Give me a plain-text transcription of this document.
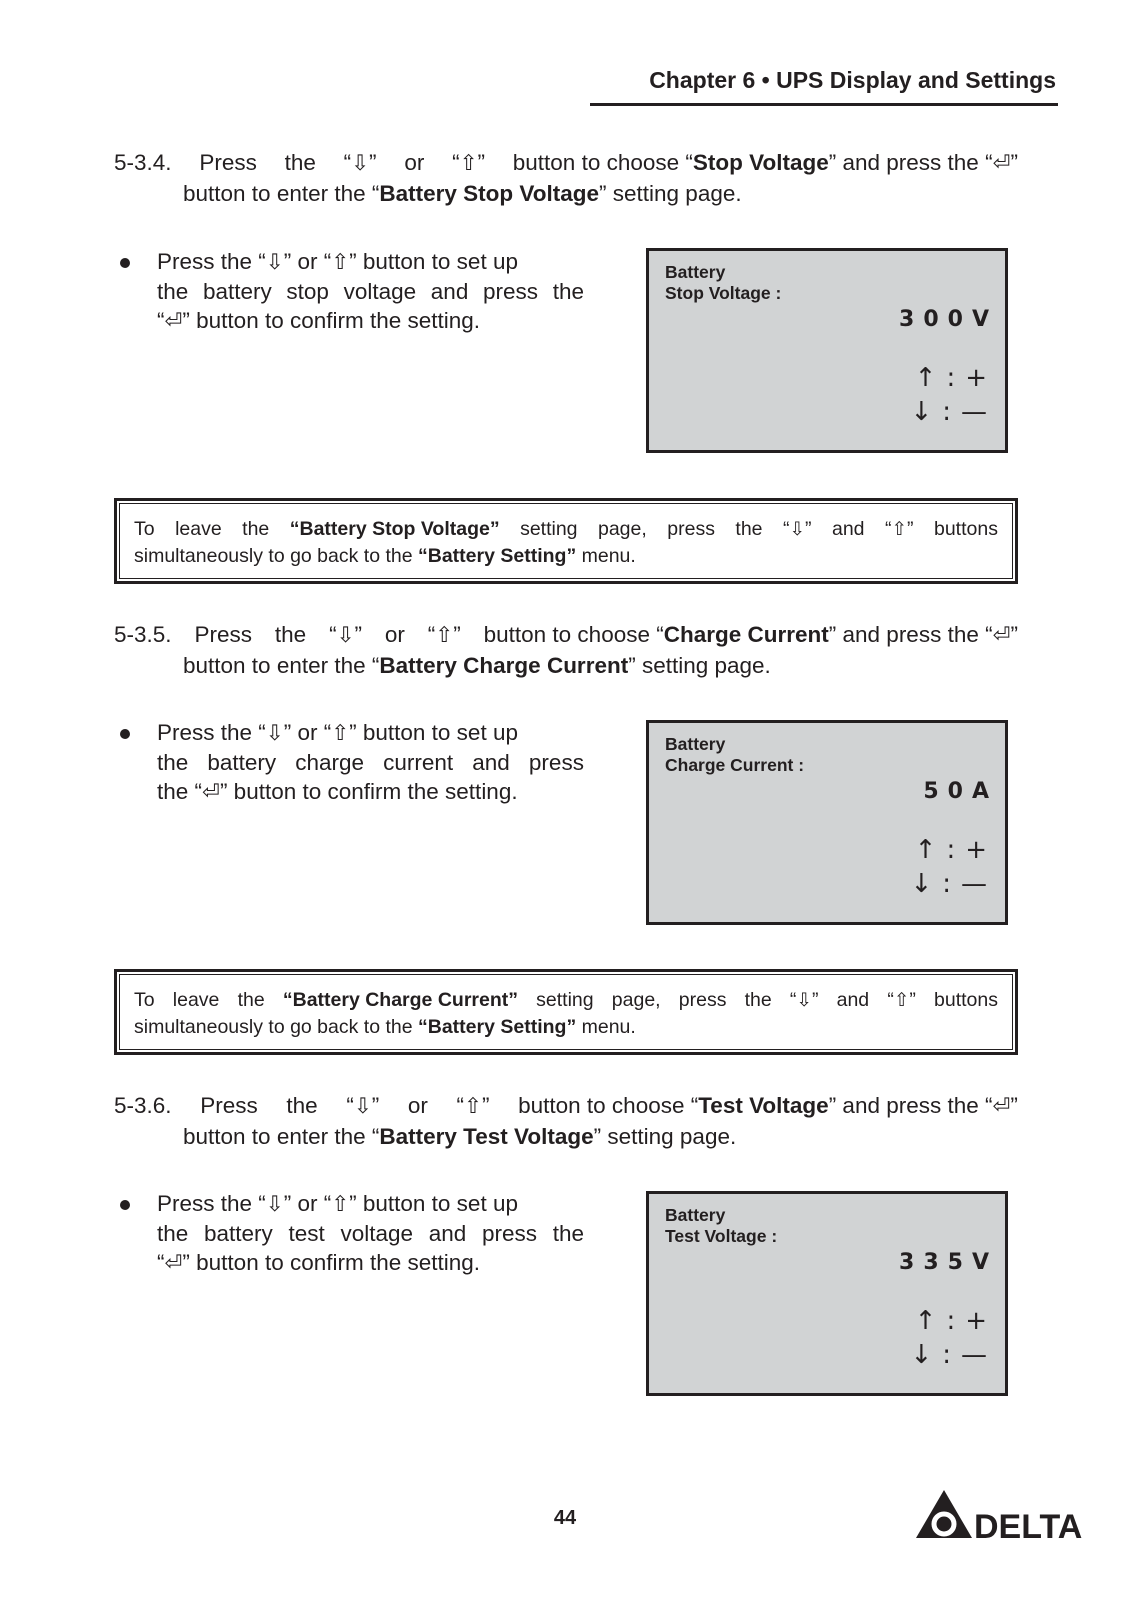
Chapter 6 • UPS Display and Settings
5-3.4. Press the “⇩” or “⇧” button to choose “Stop Voltage” and press the “⏎”
button to enter the “Battery Stop Voltage” setting page.
Press the “⇩” or “⇧” button to set up
the battery stop voltage and press the
“⏎” button to confirm the setting.
Battery
Stop Voltage :
300V
↑ : +
↓ : —
To leave the “Battery Stop Voltage” setting page, press the “⇩” and “⇧” buttons
simultaneously to go back to the “Battery Setting” menu.
5-3.5. Press the “⇩” or “⇧” button to choose “Charge Current” and press the “⏎”
button to enter the “Battery Charge Current” setting page.
Press the “⇩” or “⇧” button to set up
the battery charge current and press
the “⏎” button to confirm the setting.
Battery
Charge Current :
50A
↑ : +
↓ : —
To leave the “Battery Charge Current” setting page, press the “⇩” and “⇧” buttons
simultaneously to go back to the “Battery Setting” menu.
5-3.6. Press the “⇩” or “⇧” button to choose “Test Voltage” and press the “⏎”
button to enter the “Battery Test Voltage” setting page.
Press the “⇩” or “⇧” button to set up
the battery test voltage and press the
“⏎” button to confirm the setting.
Battery
Test Voltage :
335V
↑ : +
↓ : —
44	DELTA
